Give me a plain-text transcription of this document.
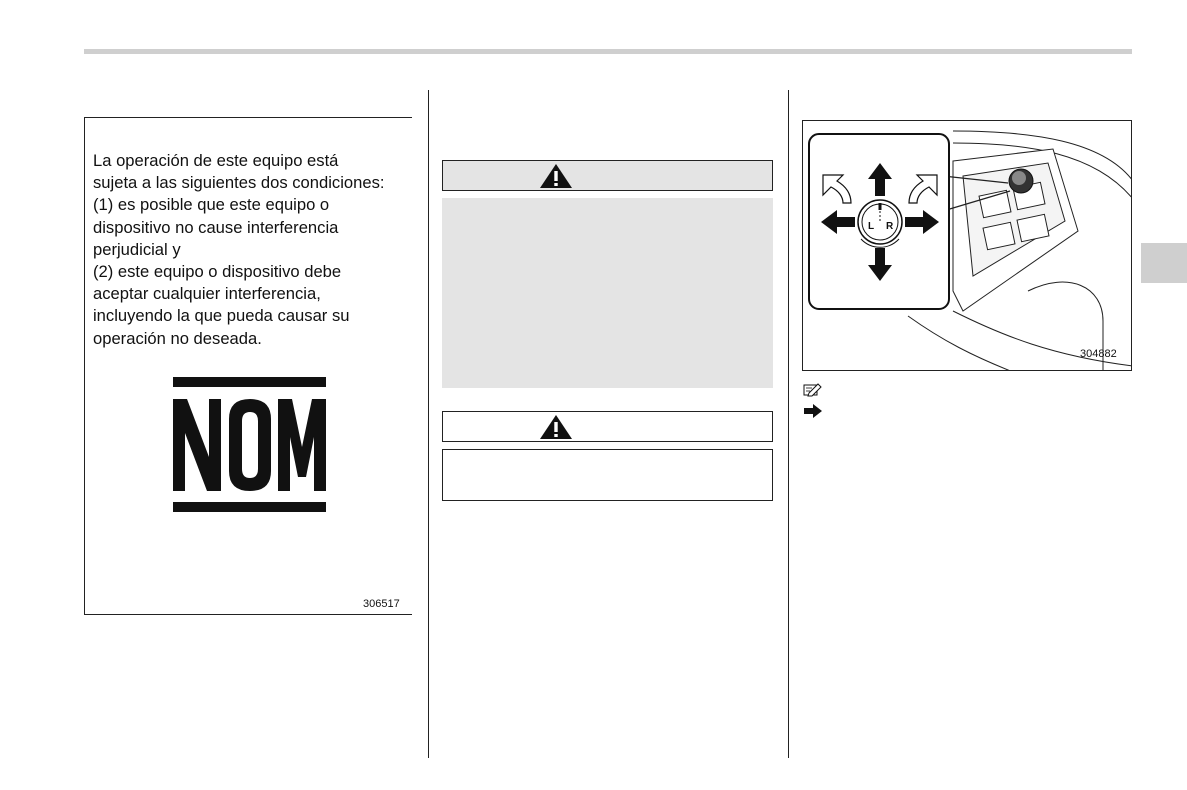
La operación de este equipo está
sujeta a las siguientes dos condiciones:
(1) es posible que este equipo o
dispositivo no cause interferencia
perjudicial y
(2) este equipo o dispositivo debe
aceptar cualquier interferencia,
incluyendo la que pueda causar su
operación no deseada.
306517
L R
304882
